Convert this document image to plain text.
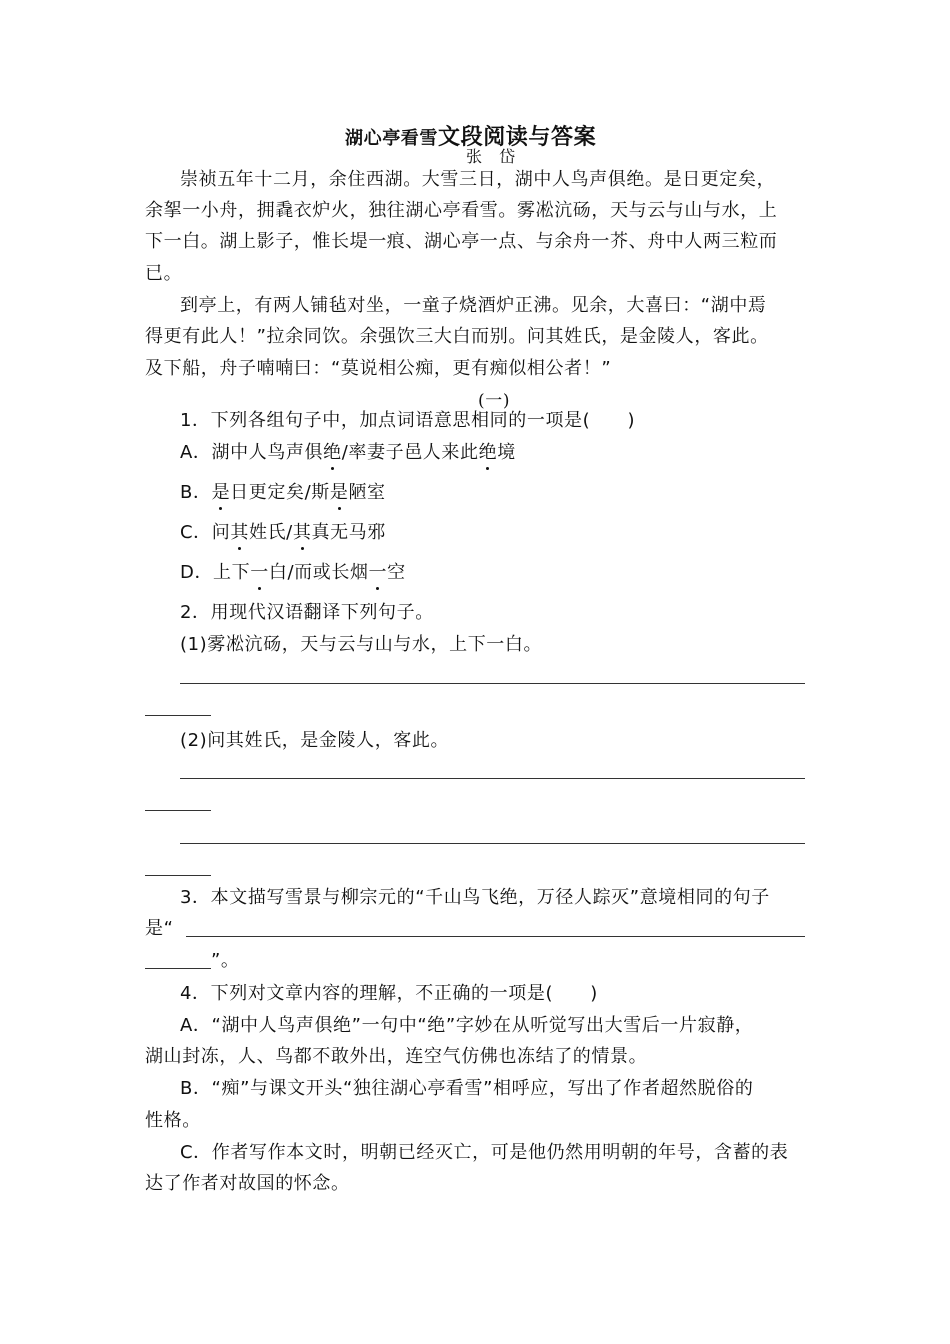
湖心亭看雪文段阅读与答案
张 岱
崇祯五年十二月，余住西湖。大雪三日，湖中人鸟声俱绝。是日更定矣，
余挐一小舟，拥毳衣炉火，独往湖心亭看雪。雾凇沆砀，天与云与山与水，上
下一白。湖上影子，惟长堤一痕、湖心亭一点、与余舟一芥、舟中人两三粒而
已。
到亭上，有两人铺毡对坐，一童子烧酒炉正沸。见余，大喜曰：“湖中焉
得更有此人！”拉余同饮。余强饮三大白而别。问其姓氏，是金陵人，客此。
及下船，舟子喃喃曰：“莫说相公痴，更有痴似相公者！”
(一)
1．下列各组句子中，加点词语意思相同的一项是(　　)
A．湖中人鸟声俱绝/率妻子邑人来此绝境
B．是日更定矣/斯是陋室
C．问其姓氏/其真无马邪
D．上下一白/而或长烟一空
2．用现代汉语翻译下列句子。
(1)雾凇沆砀，天与云与山与水，上下一白。
(2)问其姓氏，是金陵人，客此。
3．本文描写雪景与柳宗元的“千山鸟飞绝，万径人踪灭”意境相同的句子
是“
”。
4．下列对文章内容的理解，不正确的一项是(　　)
A．“湖中人鸟声俱绝”一句中“绝”字妙在从听觉写出大雪后一片寂静，
湖山封冻，人、鸟都不敢外出，连空气仿佛也冻结了的情景。
B．“痴”与课文开头“独往湖心亭看雪”相呼应，写出了作者超然脱俗的
性格。
C．作者写作本文时，明朝已经灭亡，可是他仍然用明朝的年号，含蓄的表
达了作者对故国的怀念。
